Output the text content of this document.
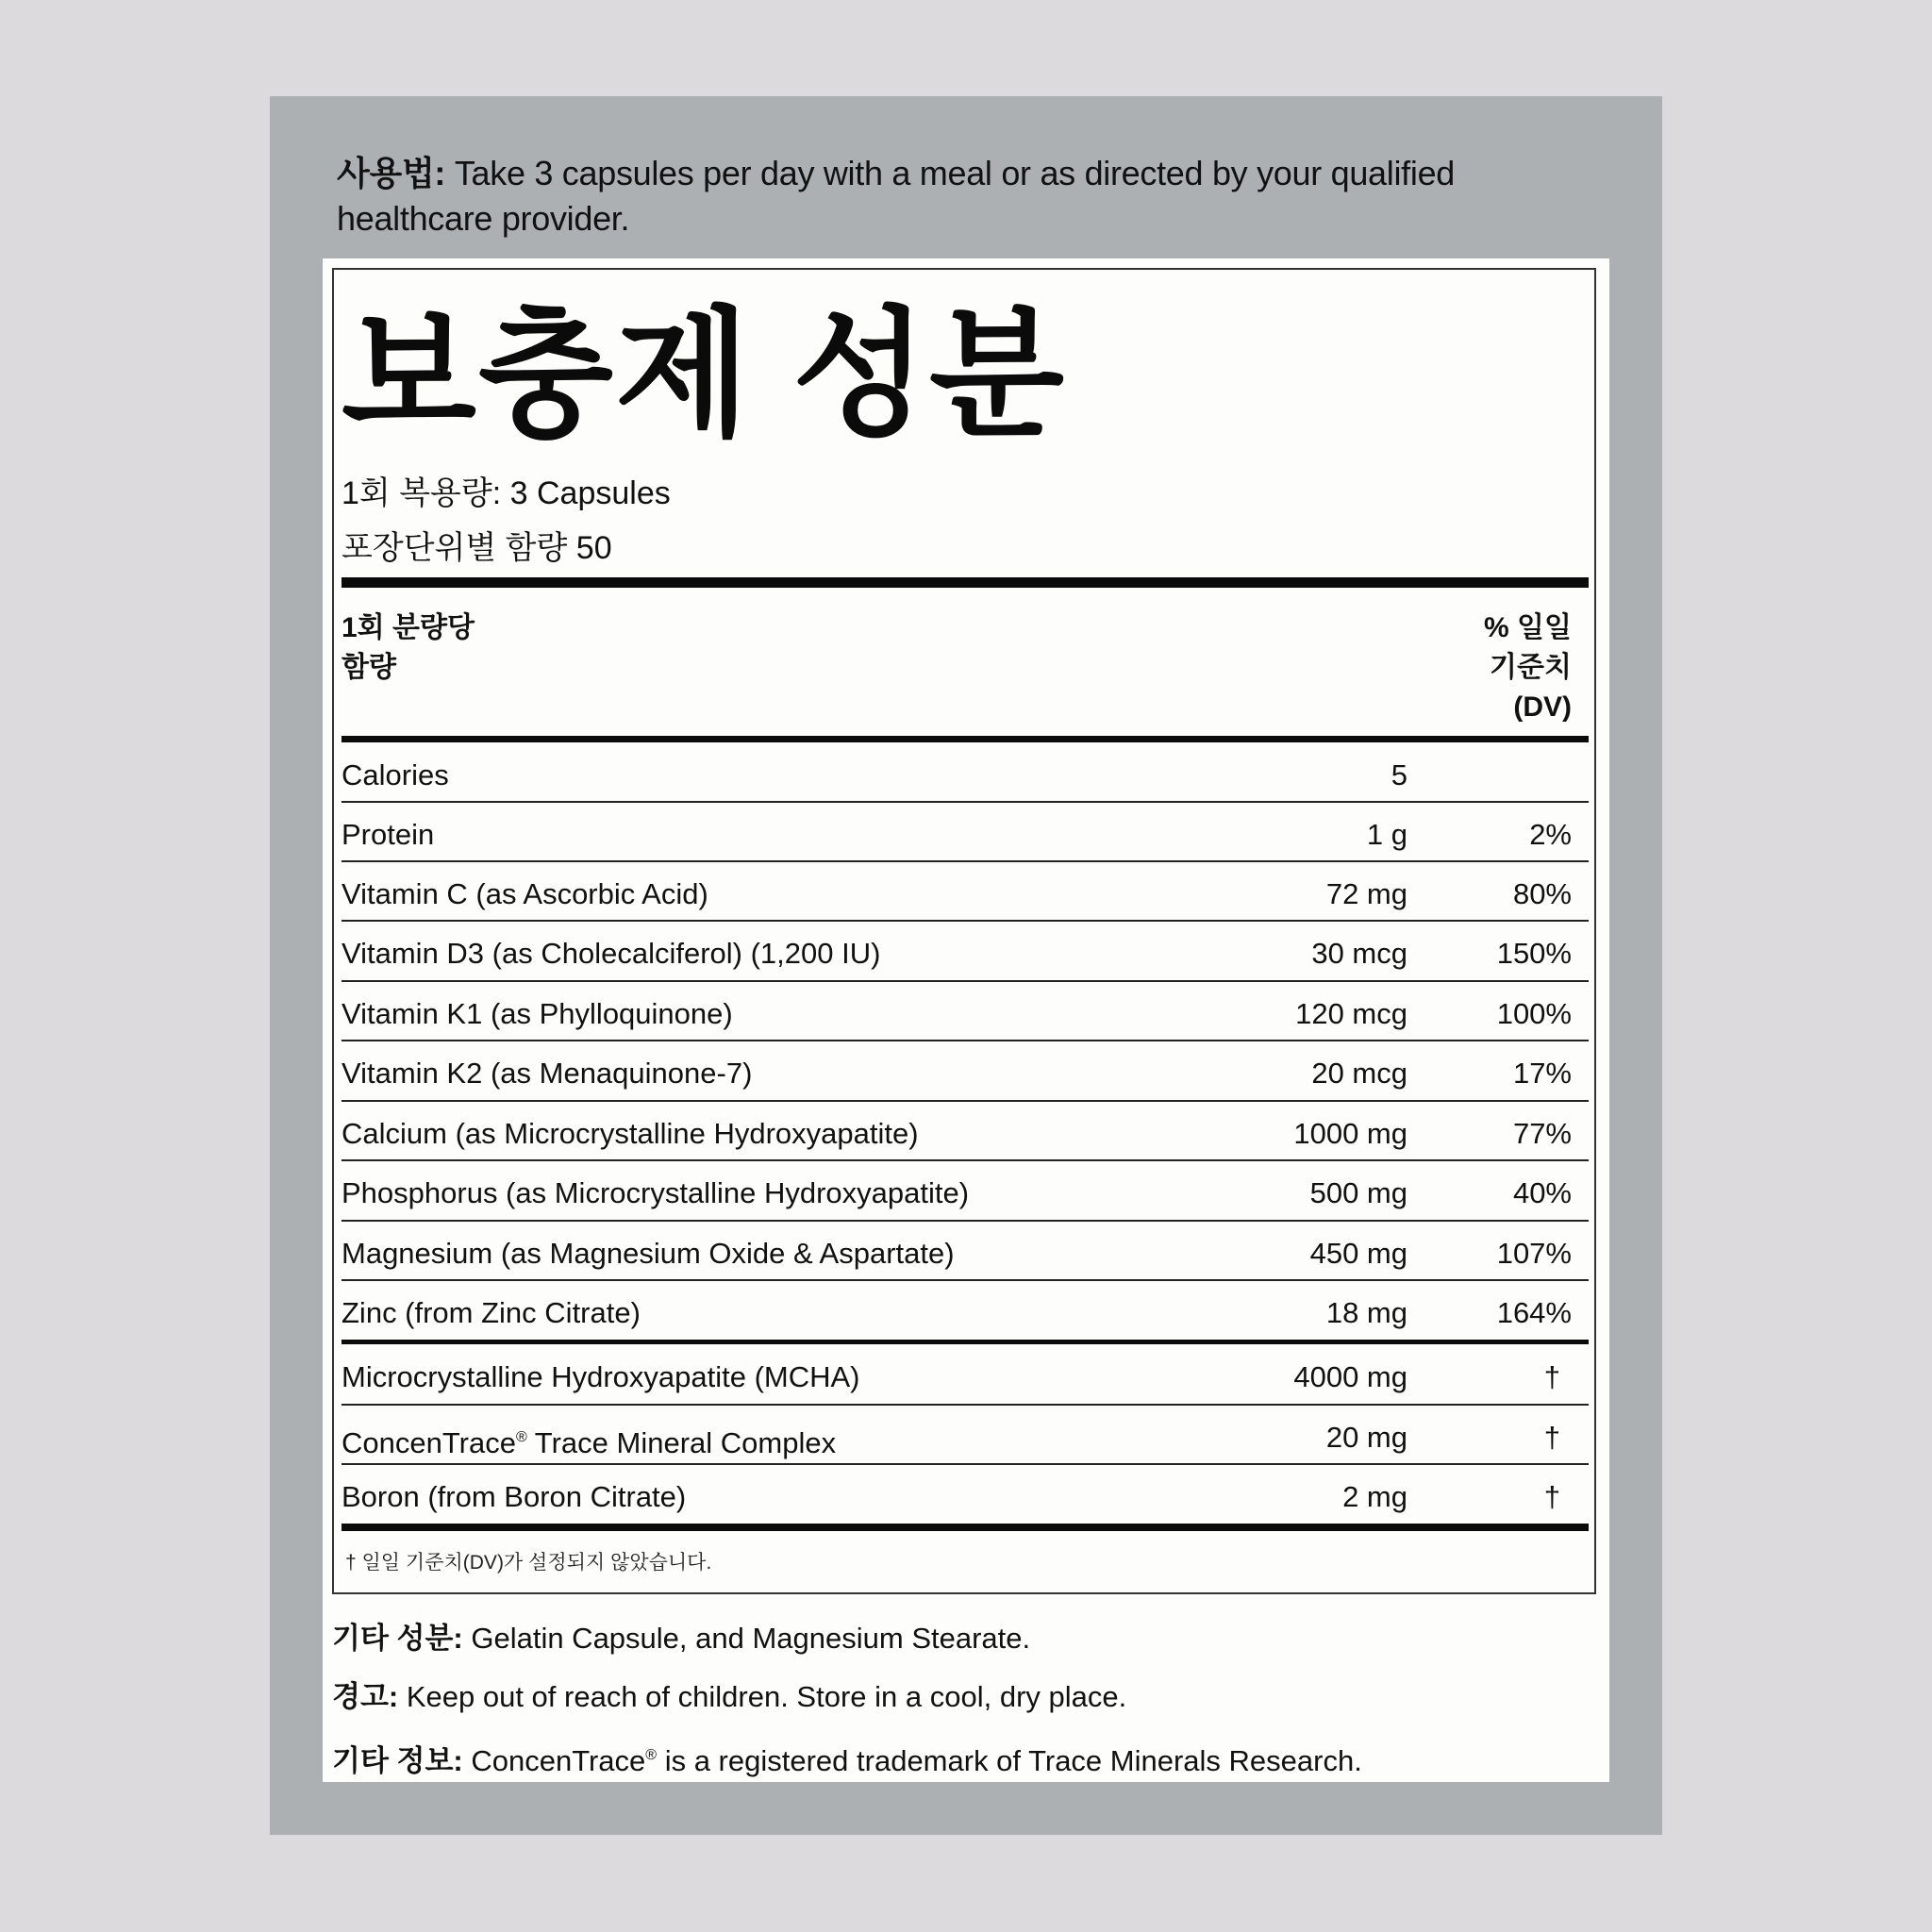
사용법: Take 3 capsules per day with a meal or as directed by your qualified healthcare provider.
보충제 성분
1회 복용량: 3 Capsules
포장단위별 함량 50
1회 분량당
함량
% 일일
기준치
(DV)
Calories	5
Protein	1 g	2%
Vitamin C (as Ascorbic Acid)	72 mg	80%
Vitamin D3 (as Cholecalciferol) (1,200 IU)	30 mcg	150%
Vitamin K1 (as Phylloquinone)	120 mcg	100%
Vitamin K2 (as Menaquinone-7)	20 mcg	17%
Calcium (as Microcrystalline Hydroxyapatite)	1000 mg	77%
Phosphorus (as Microcrystalline Hydroxyapatite)	500 mg	40%
Magnesium (as Magnesium Oxide & Aspartate)	450 mg	107%
Zinc (from Zinc Citrate)	18 mg	164%
Microcrystalline Hydroxyapatite (MCHA)	4000 mg	†
ConcenTrace® Trace Mineral Complex	20 mg	†
Boron (from Boron Citrate)	2 mg	†
† 일일 기준치(DV)가 설정되지 않았습니다.
기타 성분: Gelatin Capsule, and Magnesium Stearate.
경고: Keep out of reach of children. Store in a cool, dry place.
기타 정보: ConcenTrace® is a registered trademark of Trace Minerals Research.
